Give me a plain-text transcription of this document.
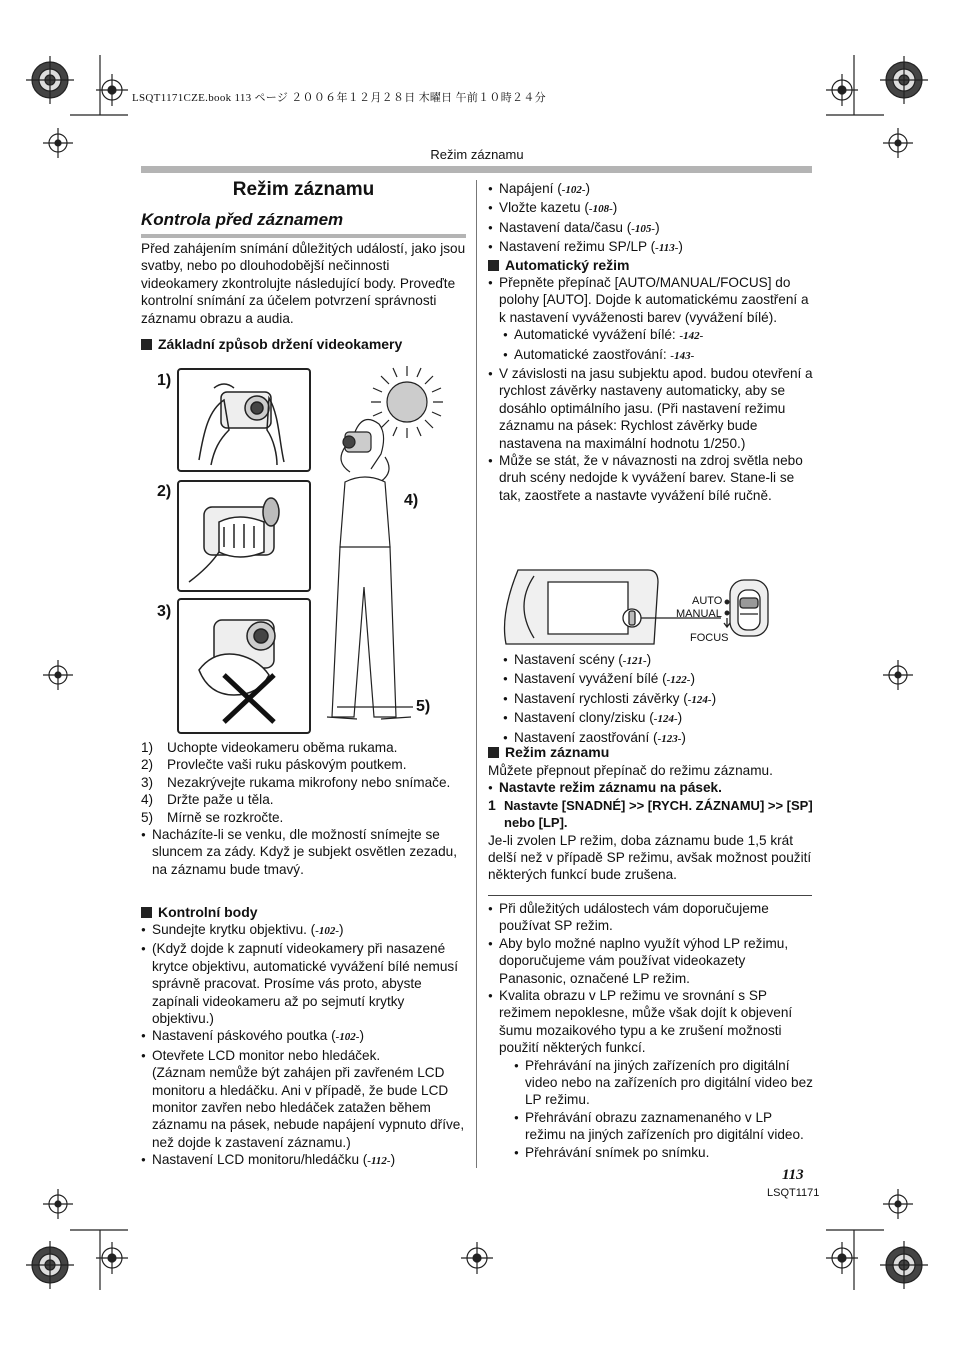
LSQT1171CZE.book 113 ページ ２００６年１２月２８日 木曜日 午前１０時２４分
Režim záznamu
Režim záznamu
Kontrola před záznamem
Před zahájením snímání důležitých událostí, jako jsou svatby, nebo po dlouhodobější nečinnosti videokamery zkontrolujte následující body. Proveďte kontrolní snímání za účelem potvrzení správnosti záznamu obrazu a audia.
Základní způsob držení videokamery
1)
2)
3)
4)
5)
1) Uchopte videokameru oběma rukama.
2) Provlečte vaši ruku páskovým poutkem.
3) Nezakrývejte rukama mikrofony nebo snímače.
4) Držte paže u těla.
5) Mírně se rozkročte.
● Nacházíte-li se venku, dle možností snímejte se sluncem za zády. Když je subjekt osvětlen zezadu, na záznamu bude tmavý.
Kontrolní body
● Sundejte krytku objektivu. (-102-)
● (Když dojde k zapnutí videokamery při nasazené krytce objektivu, automatické vyvážení bílé nemusí správně pracovat. Prosíme vás proto, abyste zapínali videokameru až po sejmutí krytky objektivu.)
● Nastavení páskového poutka (-102-)
● Otevřete LCD monitor nebo hledáček.
(Záznam nemůže být zahájen při zavřeném LCD monitoru a hledáčku. Ani v případě, že bude LCD monitor zavřen nebo hledáček zatažen během záznamu na pásek, nebude napájení vypnuto dříve, než dojde k zastavení záznamu.)
● Nastavení LCD monitoru/hledáčku (-112-)
● Napájení (-102-)
● Vložte kazetu (-108-)
● Nastavení data/času (-105-)
● Nastavení režimu SP/LP (-113-)
Automatický režim
● Přepněte přepínač [AUTO/MANUAL/FOCUS] do polohy [AUTO]. Dojde k automatickému zaostření a k nastavení vyváženosti barev (vyvážení bílé).
● Automatické vyvážení bílé: -142-
● Automatické zaostřování: -143-
● V závislosti na jasu subjektu apod. budou otevření a rychlost závěrky nastaveny automaticky, aby se dosáhlo optimálního jasu. (Při nastavení režimu záznamu na pásek: Rychlost závěrky bude nastavena na maximální hodnotu 1/250.)
● Může se stát, že v návaznosti na zdroj světla nebo druh scény nedojde k vyvážení barev. Stane-li se tak, zaostřete a nastavte vyvážení bílé ručně.
AUTO
MANUAL
FOCUS
● Nastavení scény (-121-)
● Nastavení vyvážení bílé (-122-)
● Nastavení rychlosti závěrky (-124-)
● Nastavení clony/zisku (-124-)
● Nastavení zaostřování (-123-)
Režim záznamu
Můžete přepnout přepínač do režimu záznamu.
● Nastavte režim záznamu na pásek.
1 Nastavte [SNADNÉ] >> [RYCH. ZÁZNAMU] >> [SP] nebo [LP].
Je-li zvolen LP režim, doba záznamu bude 1,5 krát delší než v případě SP režimu, avšak možnost použití některých funkcí bude zrušena.
● Při důležitých událostech vám doporučujeme používat SP režim.
● Aby bylo možné naplno využít výhod LP režimu, doporučujeme vám používat videokazety Panasonic, označené LP režim.
● Kvalita obrazu v LP režimu ve srovnání s SP režimem nepoklesne, může však dojít k objevení šumu mozaikového typu a ke zrušení možnosti použití některých funkcí.
● Přehrávání na jiných zařízeních pro digitální video nebo na zařízeních pro digitální video bez LP režimu.
● Přehrávání obrazu zaznamenaného v LP režimu na jiných zařízeních pro digitální video.
● Přehrávání snímek po snímku.
113
LSQT1171
